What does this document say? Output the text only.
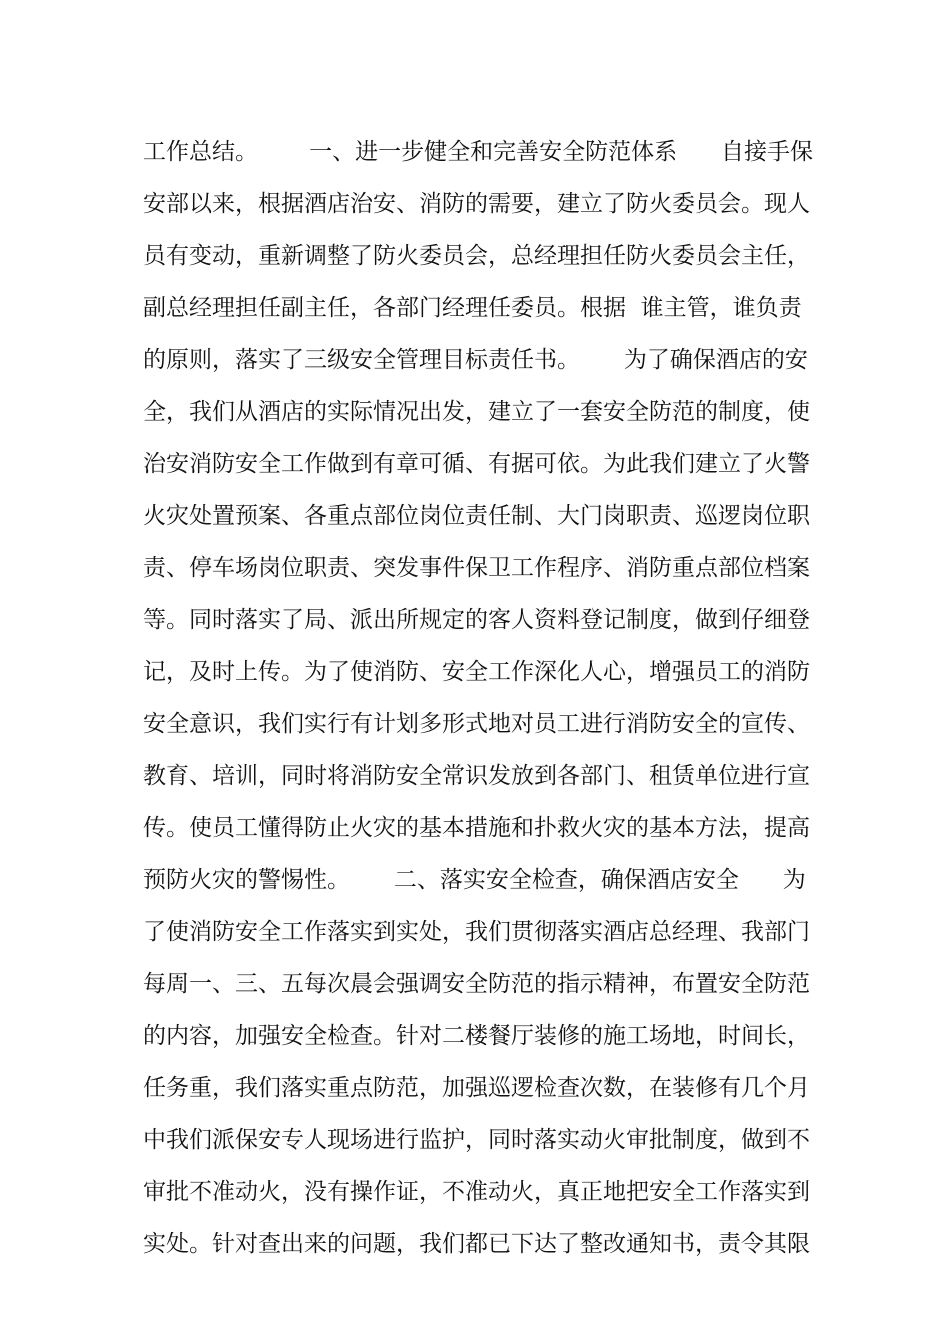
工作总结。       一、进一步健全和完善安全防范体系      自接手保
安部以来，根据酒店治安、消防的需要，建立了防火委员会。现人
员有变动，重新调整了防火委员会，总经理担任防火委员会主任，
副总经理担任副主任，各部门经理任委员。根据  谁主管，谁负责
的原则，落实了三级安全管理目标责任书。      为了确保酒店的安
全，我们从酒店的实际情况出发，建立了一套安全防范的制度，使
治安消防安全工作做到有章可循、有据可依。为此我们建立了火警
火灾处置预案、各重点部位岗位责任制、大门岗职责、巡逻岗位职
责、停车场岗位职责、突发事件保卫工作程序、消防重点部位档案
等。同时落实了局、派出所规定的客人资料登记制度，做到仔细登
记，及时上传。为了使消防、安全工作深化人心，增强员工的消防
安全意识，我们实行有计划多形式地对员工进行消防安全的宣传、
教育、培训，同时将消防安全常识发放到各部门、租赁单位进行宣
传。使员工懂得防止火灾的基本措施和扑救火灾的基本方法，提高
预防火灾的警惕性。      二、落实安全检查，确保酒店安全      为
了使消防安全工作落实到实处，我们贯彻落实酒店总经理、我部门
每周一、三、五每次晨会强调安全防范的指示精神，布置安全防范
的内容，加强安全检查。针对二楼餐厅装修的施工场地，时间长，
任务重，我们落实重点防范，加强巡逻检查次数，在装修有几个月
中我们派保安专人现场进行监护，同时落实动火审批制度，做到不
审批不准动火，没有操作证，不准动火，真正地把安全工作落实到
实处。针对查出来的问题，我们都已下达了整改通知书，责令其限
